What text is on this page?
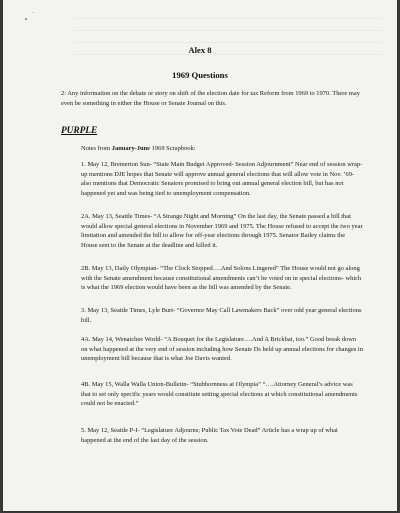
Alex 8
1969 Questions
2: Any information on the debate or story on shift of the election date for tax Reform from 1969 to 1970. There may even be something in either the House or Senate Journal on this.
PURPLE
Notes from January-June 1969 Scrapbook:
1. May 12, Bremerton Sun- “State Main Budget Approved- Session Adjournment” Near end of session wrap-up mentions DJE hopes that Senate will approve annual general elections that will allow vote in Nov. ’69- also mentions that Democratic Senators promised to bring out annual general election bill, but has not happened yet and was being tied to unemployment compensation.
2A. May 13, Seattle Times- “A Strange Night and Morning” On the last day, the Senate passed a bill that would allow special general elections in November 1969 and 1975. The House refused to accept the two year limitation and amended the bill to allow for off-year elections through 1975. Senator Bailey claims the House sent to the Senate at the deadline and killed it.
2B. May 13, Daily Olympian- “The Clock Stopped….And Solons Lingered” The House would not go along with the Senate amendment because constitutional amendments can’t be voted on in special elections- which is what the 1969 election would have been as the bill was amended by the Senate.
3. May 13, Seattle Times, Lyle Burt- “Governor May Call Lawmakers Back” over odd year general elections bill.
4A. May 14, Wenatchee World- “A Bouquet for the Legislature….And A Brickbat, too.” Good break down on what happened at the very end of session including how Senate Ds held up annual elections for changes in unemployment bill because that is what Joe Davis wanted.
4B. May 15, Walla Walla Union-Bulletin- “Stubbornness at Olympia” “….Attorney General’s advice was that to set only specific years would constitute setting special elections at which constitutional amendments could not be enacted.”
5. May 12, Seattle P-I- “Legislature Adjourns; Public Tax Vote Dead” Article has a wrap up of what happened at the end of the last day of the session.
